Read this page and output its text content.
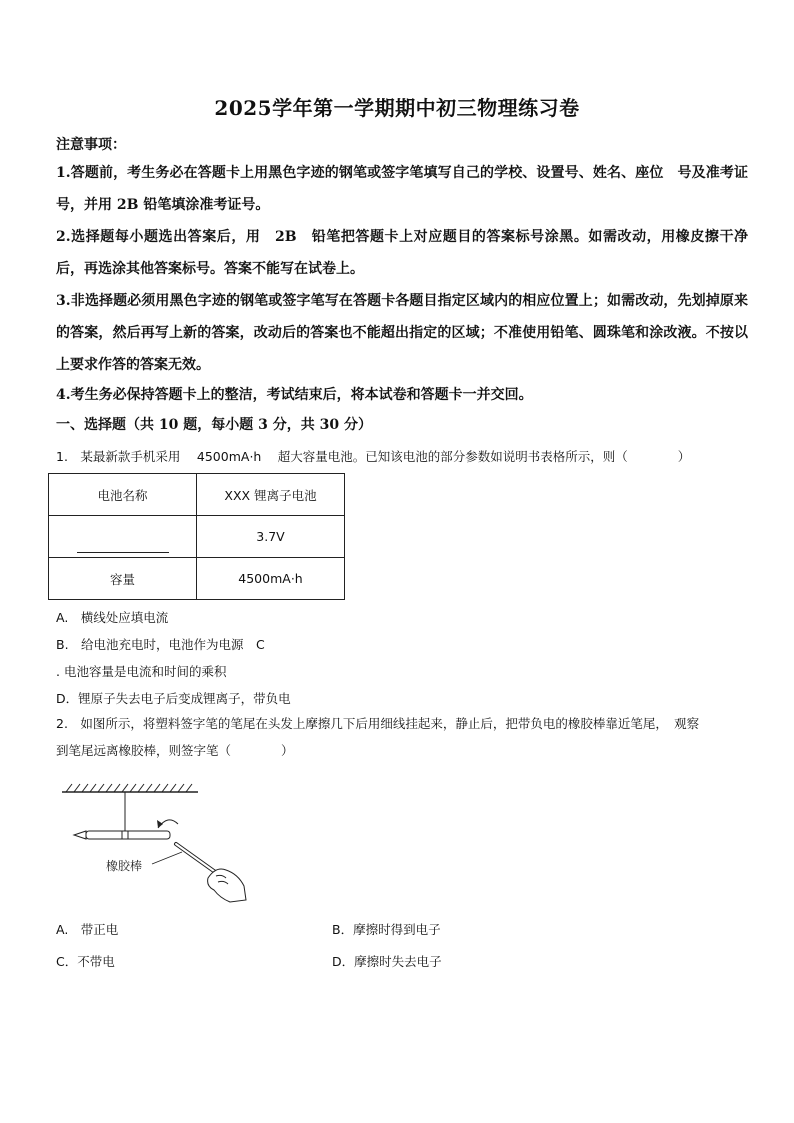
2025学年第一学期期中初三物理练习卷
注意事项：
1.答题前，考生务必在答题卡上用黑色字迹的钢笔或签字笔填写自己的学校、设置号、姓名、座位　号及准考证号，并用 2B 铅笔填涂准考证号。
2.选择题每小题选出答案后，用　2B　铅笔把答题卡上对应题目的答案标号涂黑。如需改动，用橡皮擦干净后，再选涂其他答案标号。答案不能写在试卷上。
3.非选择题必须用黑色字迹的钢笔或签字笔写在答题卡各题目指定区域内的相应位置上；如需改动，先划掉原来的答案，然后再写上新的答案，改动后的答案也不能超出指定的区域；不准使用铅笔、圆珠笔和涂改液。不按以上要求作答的答案无效。
4.考生务必保持答题卡上的整洁，考试结束后，将本试卷和答题卡一并交回。
一、选择题（共 10 题，每小题 3 分，共 30 分）
1.　某最新款手机采用　 4500mA·h　 超大容量电池。已知该电池的部分参数如说明书表格所示，则（　　　　）
电池名称	XXX 锂离子电池
	3.7V
容量	4500mA·h
A.　横线处应填电流
B.　给电池充电时，电池作为电源　C
. 电池容量是电流和时间的乘积
D．锂原子失去电子后变成锂离子，带负电
2.　如图所示，将塑料签字笔的笔尾在头发上摩擦几下后用细线挂起来，静止后，把带负电的橡胶棒靠近笔尾，　观察
到笔尾远离橡胶棒，则签字笔（　　　　）
橡胶棒
A.　带正电	B．摩擦时得到电子
C．不带电	D．摩擦时失去电子
